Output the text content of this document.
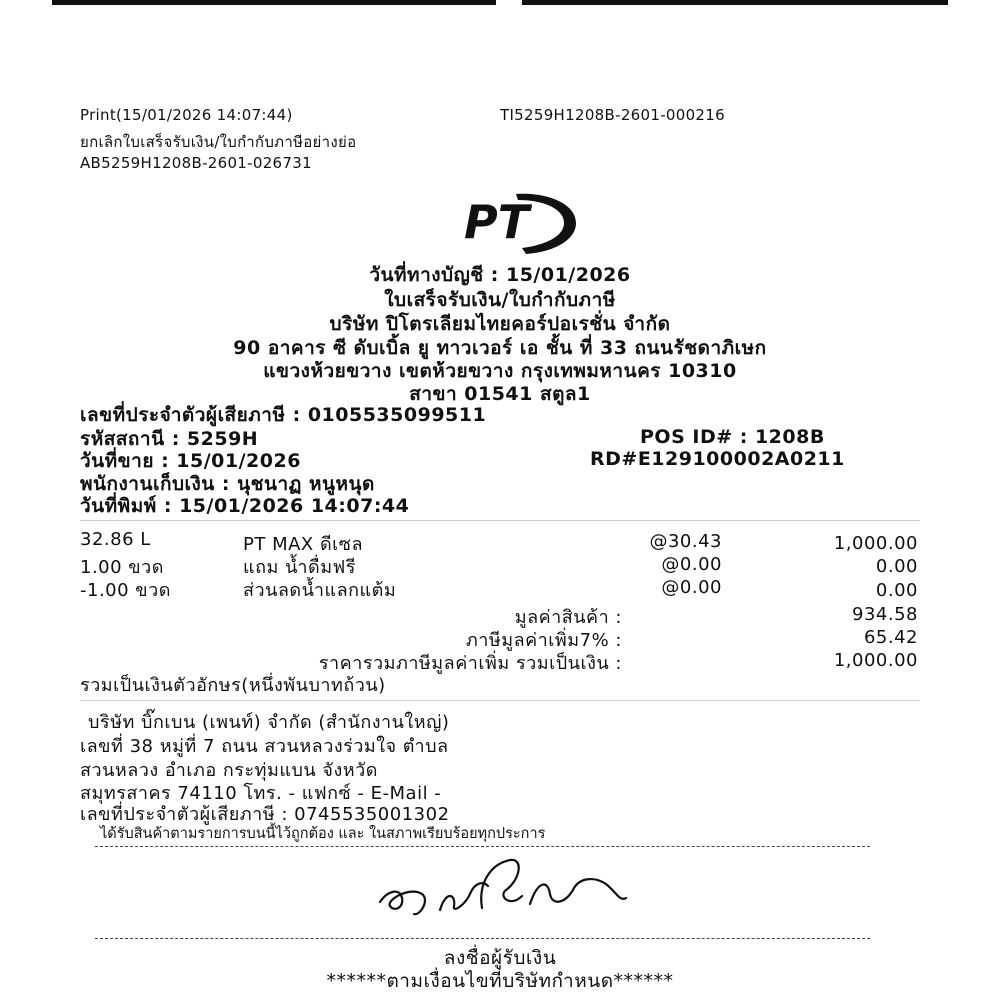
Print(15/01/2026 14:07:44)	TI5259H1208B-2601-000216
ยกเลิกใบเสร็จรับเงิน/ใบกำกับภาษีอย่างย่อ
AB5259H1208B-2601-026731
PT
วันที่ทางบัญชี : 15/01/2026
ใบเสร็จรับเงิน/ใบกำกับภาษี
บริษัท ปิโตรเลียมไทยคอร์ปอเรชั่น จำกัด
90 อาคาร ซี ดับเบิ้ล ยู ทาวเวอร์ เอ ชั้น ที่ 33 ถนนรัชดาภิเษก
แขวงห้วยขวาง เขตห้วยขวาง กรุงเทพมหานคร 10310
สาขา 01541 สตูล1
เลขที่ประจำตัวผู้เสียภาษี : 0105535099511
รหัสสถานี : 5259H	POS ID# : 1208B
วันที่ขาย : 15/01/2026	RD#E129100002A0211
พนักงานเก็บเงิน : นุชนาฏ หนูหนุด
วันที่พิมพ์ : 15/01/2026 14:07:44
32.86 L	PT MAX ดีเซล	@30.43	1,000.00
1.00 ขวด	แถม น้ำดื่มฟรี	@0.00	0.00
-1.00 ขวด	ส่วนลดน้ำแลกแต้ม	@0.00	0.00
มูลค่าสินค้า :	934.58
ภาษีมูลค่าเพิ่ม7% :	65.42
ราคารวมภาษีมูลค่าเพิ่ม รวมเป็นเงิน :	1,000.00
รวมเป็นเงินตัวอักษร(หนึ่งพันบาทถ้วน)
บริษัท บิ๊กเบน (เพนท์) จำกัด (สำนักงานใหญ่)
เลขที่ 38 หมู่ที่ 7 ถนน สวนหลวงร่วมใจ ตำบล
สวนหลวง อำเภอ กระทุ่มแบน จังหวัด
สมุทรสาคร 74110 โทร. - แฟกซ์ - E-Mail -
เลขที่ประจำตัวผู้เสียภาษี : 0745535001302
ได้รับสินค้าตามรายการบนนี้ไว้ถูกต้อง และ ในสภาพเรียบร้อยทุกประการ
ลงชื่อผู้รับเงิน
******ตามเงื่อนไขที่บริษัทกำหนด******
